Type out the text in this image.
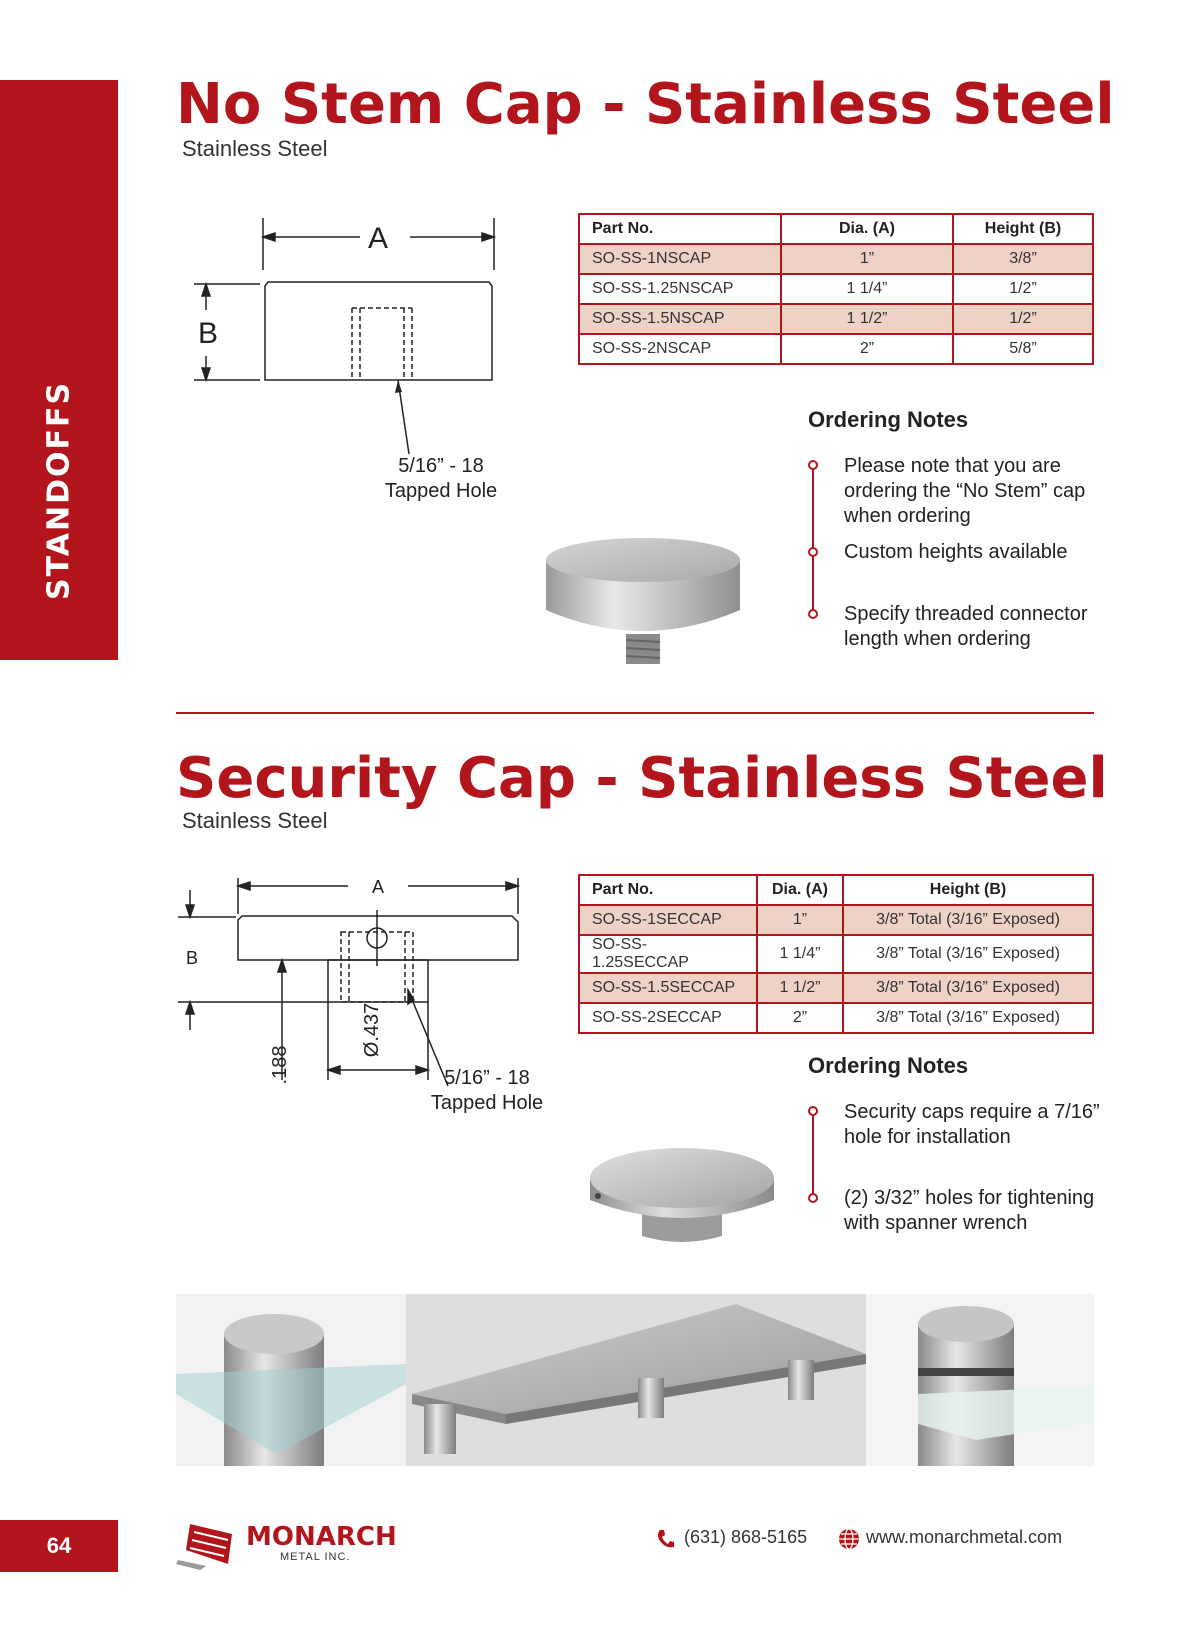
STANDOFFS
No Stem Cap - Stainless Steel
Stainless Steel
A
B
5/16” - 18
Tapped Hole
Part No.	Dia. (A)	Height (B)
SO-SS-1NSCAP	1”	3/8”
SO-SS-1.25NSCAP	1 1/4”	1/2”
SO-SS-1.5NSCAP	1 1/2”	1/2”
SO-SS-2NSCAP	2”	5/8”
Ordering Notes
Please note that you are ordering the “No Stem” cap when ordering
Custom heights available
Specify threaded connector length when ordering
Security Cap - Stainless Steel
Stainless Steel
A
B
.188
Ø.437
5/16” - 18
Tapped Hole
Part No.	Dia. (A)	Height (B)
SO-SS-1SECCAP	1”	3/8” Total (3/16” Exposed)
SO-SS-1.25SECCAP	1 1/4”	3/8” Total (3/16” Exposed)
SO-SS-1.5SECCAP	1 1/2”	3/8” Total (3/16” Exposed)
SO-SS-2SECCAP	2”	3/8” Total (3/16” Exposed)
Ordering Notes
Security caps require a 7/16” hole for installation
(2) 3/32” holes for tightening with spanner wrench
64	MONARCH
METAL INC.
(631) 868-5165	www.monarchmetal.com
